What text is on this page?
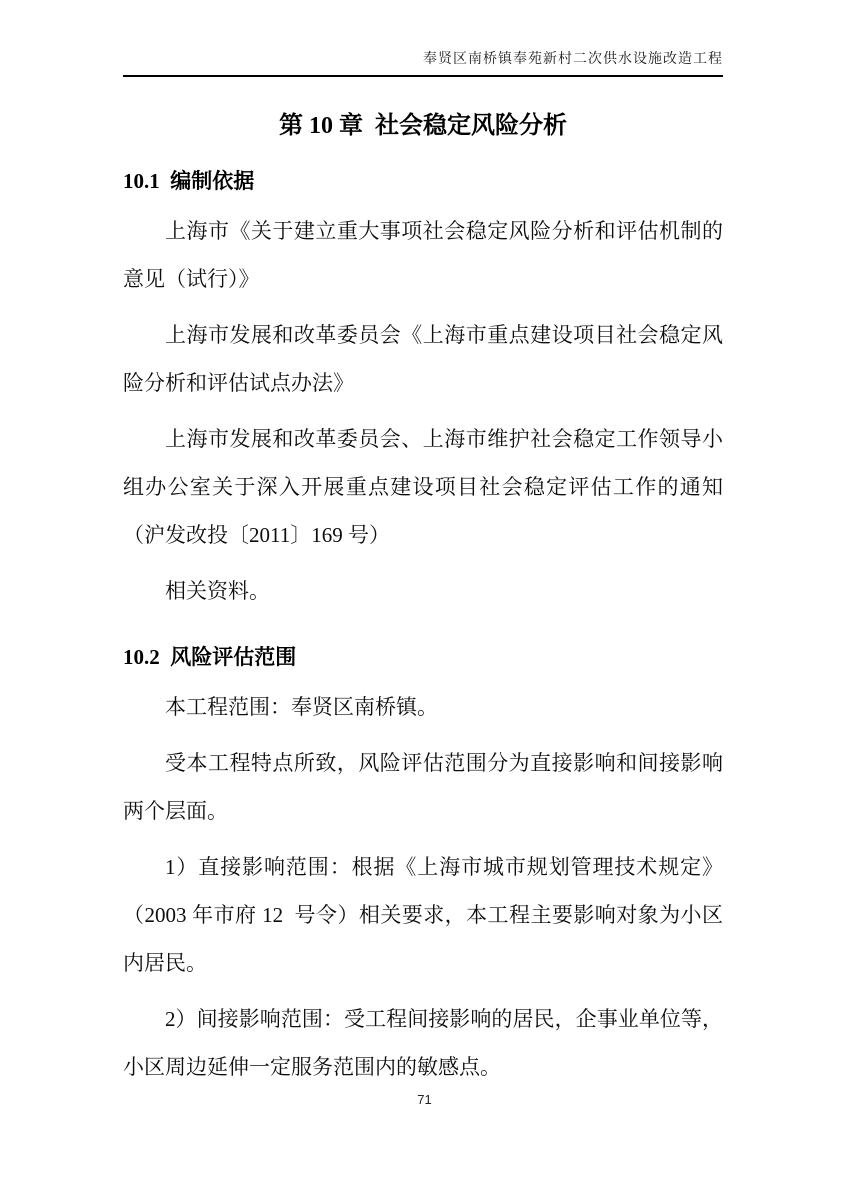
奉贤区南桥镇奉苑新村二次供水设施改造工程
第 10 章  社会稳定风险分析
10.1  编制依据

上海市《关于建立重大事项社会稳定风险分析和评估机制的意见（试行）》

上海市发展和改革委员会《上海市重点建设项目社会稳定风险分析和评估试点办法》

上海市发展和改革委员会、上海市维护社会稳定工作领导小组办公室关于深入开展重点建设项目社会稳定评估工作的通知（沪发改投〔2011〕169 号）

相关资料。

10.2  风险评估范围

本工程范围：奉贤区南桥镇。

受本工程特点所致，风险评估范围分为直接影响和间接影响两个层面。

1）直接影响范围：根据《上海市城市规划管理技术规定》（2003 年市府 12  号令）相关要求，本工程主要影响对象为小区内居民。

2）间接影响范围：受工程间接影响的居民，企事业单位等，小区周边延伸一定服务范围内的敏感点。

71
